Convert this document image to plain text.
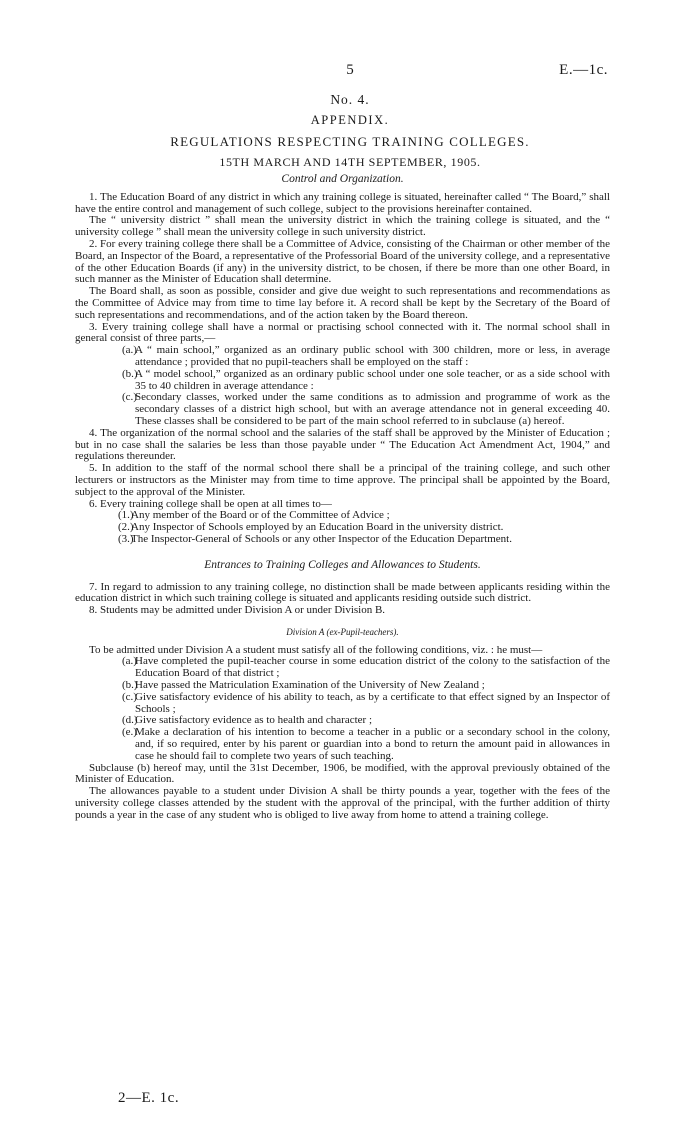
5	E.—1c.
No. 4.
APPENDIX.
REGULATIONS RESPECTING TRAINING COLLEGES.
15TH MARCH AND 14TH SEPTEMBER, 1905.

Control and Organization.

1. The Education Board of any district in which any training college is situated, hereinafter called “ The Board,” shall have the entire control and management of such college, subject to the provisions hereinafter contained.

The “ university district ” shall mean the university district in which the training college is situated, and the “ university college ” shall mean the university college in such university district.

2. For every training college there shall be a Committee of Advice, consisting of the Chairman or other member of the Board, an Inspector of the Board, a representative of the Professorial Board of the university college, and a representative of the other Education Boards (if any) in the university district, to be chosen, if there be more than one other Board, in such manner as the Minister of Education shall determine.

The Board shall, as soon as possible, consider and give due weight to such representations and recommendations as the Committee of Advice may from time to time lay before it. A record shall be kept by the Secretary of the Board of such representations and recommendations, and of the action taken by the Board thereon.

3. Every training college shall have a normal or practising school connected with it. The normal school shall in general consist of three parts,—

(a.)

A “ main school,” organized as an ordinary public school with 300 children, more or less, in average attendance ; provided that no pupil-teachers shall be employed on the staff :

(b.)

A “ model school,” organized as an ordinary public school under one sole teacher, or as a side school with 35 to 40 children in average attendance :

(c.)

Secondary classes, worked under the same conditions as to admission and programme of work as the secondary classes of a district high school, but with an average attendance not in general exceeding 40. These classes shall be considered to be part of the main school referred to in subclause (a) hereof.

4. The organization of the normal school and the salaries of the staff shall be approved by the Minister of Education ; but in no case shall the salaries be less than those payable under “ The Education Act Amendment Act, 1904,” and regulations thereunder.

5. In addition to the staff of the normal school there shall be a principal of the training college, and such other lecturers or instructors as the Minister may from time to time approve. The principal shall be appointed by the Board, subject to the approval of the Minister.

6. Every training college shall be open at all times to—

(1.)

Any member of the Board or of the Committee of Advice ;

(2.)

Any Inspector of Schools employed by an Education Board in the university district.

(3.)

The Inspector-General of Schools or any other Inspector of the Education Department.

Entrances to Training Colleges and Allowances to Students.

7. In regard to admission to any training college, no distinction shall be made between applicants residing within the education district in which such training college is situated and applicants residing outside such district.

8. Students may be admitted under Division A or under Division B.

Division A (ex-Pupil-teachers).

To be admitted under Division A a student must satisfy all of the following conditions, viz. : he must—

(a.)

Have completed the pupil-teacher course in some education district of the colony to the satisfaction of the Education Board of that district ;

(b.)

Have passed the Matriculation Examination of the University of New Zealand ;

(c.)

Give satisfactory evidence of his ability to teach, as by a certificate to that effect signed by an Inspector of Schools ;

(d.)

Give satisfactory evidence as to health and character ;

(e.)

Make a declaration of his intention to become a teacher in a public or a secondary school in the colony, and, if so required, enter by his parent or guardian into a bond to return the amount paid in allowances in case he should fail to complete two years of such teaching.

Subclause (b) hereof may, until the 31st December, 1906, be modified, with the approval previously obtained of the Minister of Education.

The allowances payable to a student under Division A shall be thirty pounds a year, together with the fees of the university college classes attended by the student with the approval of the principal, with the further addition of thirty pounds a year in the case of any student who is obliged to live away from home to attend a training college.

2—E. 1c.
